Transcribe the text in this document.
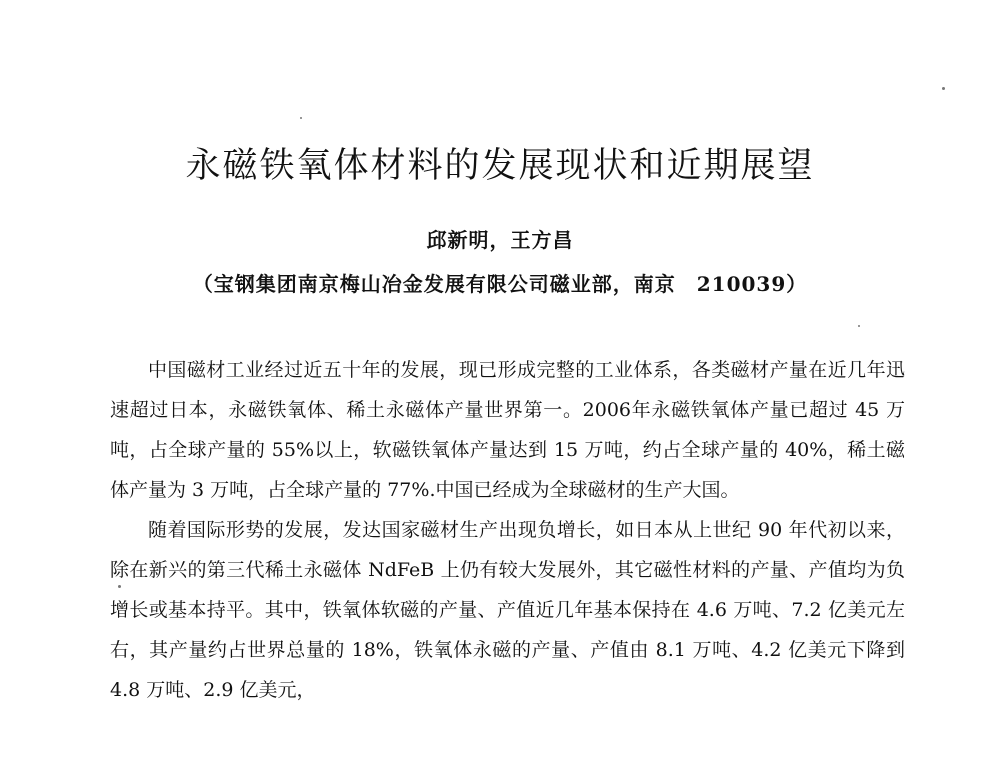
永磁铁氧体材料的发展现状和近期展望
邱新明，王方昌
（宝钢集团南京梅山冶金发展有限公司磁业部，南京　210039）

中国磁材工业经过近五十年的发展，现已形成完整的工业体系，各类磁材产量在近几年迅速超过日本，永磁铁氧体、稀土永磁体产量世界第一。2006年永磁铁氧体产量已超过 45 万吨，占全球产量的 55%以上，软磁铁氧体产量达到 15 万吨，约占全球产量的 40%，稀土磁体产量为 3 万吨，占全球产量的 77%.中国已经成为全球磁材的生产大国。

随着国际形势的发展，发达国家磁材生产出现负增长，如日本从上世纪 90 年代初以来，除在新兴的第三代稀土永磁体 NdFeB 上仍有较大发展外，其它磁性材料的产量、产值均为负增长或基本持平。其中，铁氧体软磁的产量、产值近几年基本保持在 4.6 万吨、7.2 亿美元左右，其产量约占世界总量的 18%，铁氧体永磁的产量、产值由 8.1 万吨、4.2 亿美元下降到 4.8 万吨、2.9 亿美元，
